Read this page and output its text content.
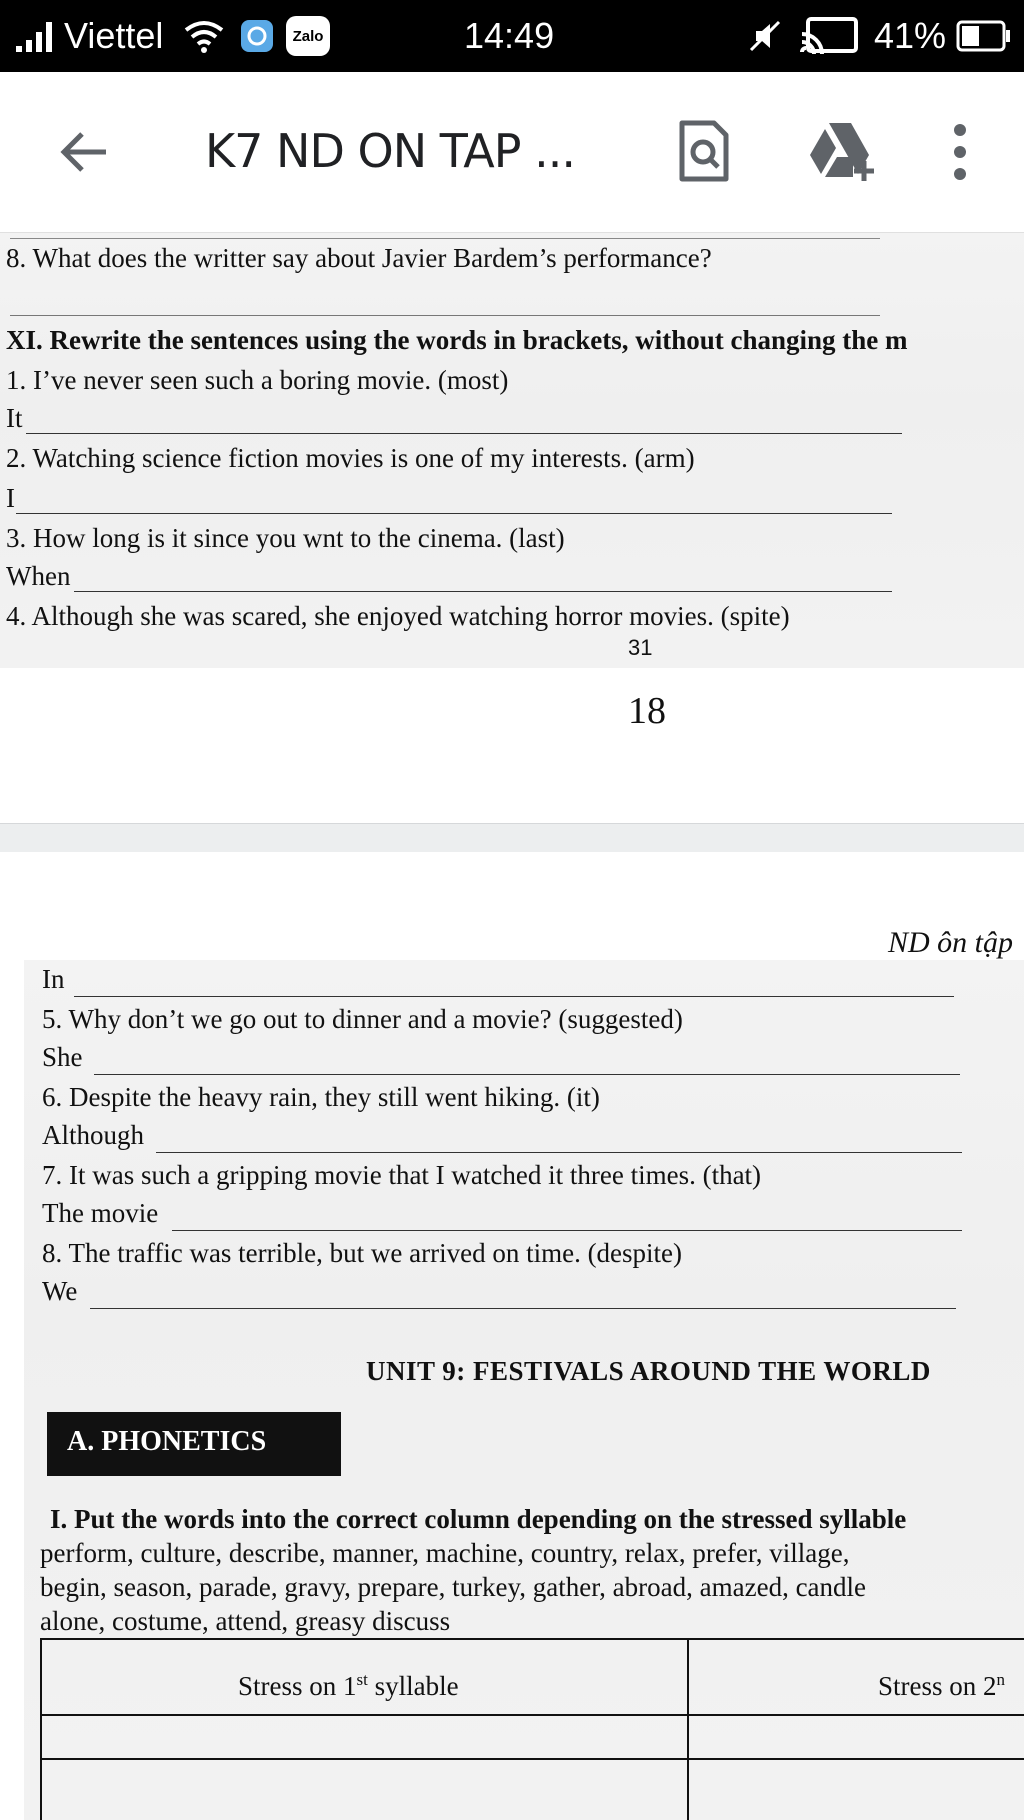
Viettel	Zalo	14:49	41%
K7 ND ON TAP ...
8. What does the writter say about Javier Bardem’s performance?
XI. Rewrite the sentences using the words in brackets, without changing the m
1. I’ve never seen such a boring movie. (most)
It
2. Watching science fiction movies is one of my interests. (arm)
I
3. How long is it since you wnt to the cinema. (last)
When
4. Although she was scared, she enjoyed watching horror movies. (spite)
31
18
ND ôn tập
In
5. Why don’t we go out to dinner and a movie? (suggested)
She
6. Despite the heavy rain, they still went hiking. (it)
Although
7. It was such a gripping movie that I watched it three times. (that)
The movie
8. The traffic was terrible, but we arrived on time. (despite)
We
UNIT 9: FESTIVALS AROUND THE WORLD
A. PHONETICS
I. Put the words into the correct column depending on the stressed syllable
perform, culture, describe, manner, machine, country, relax, prefer, village,
begin, season, parade, gravy, prepare, turkey, gather, abroad, amazed, candle
alone, costume, attend, greasy discuss
Stress on 1st syllable	Stress on 2$^n$
